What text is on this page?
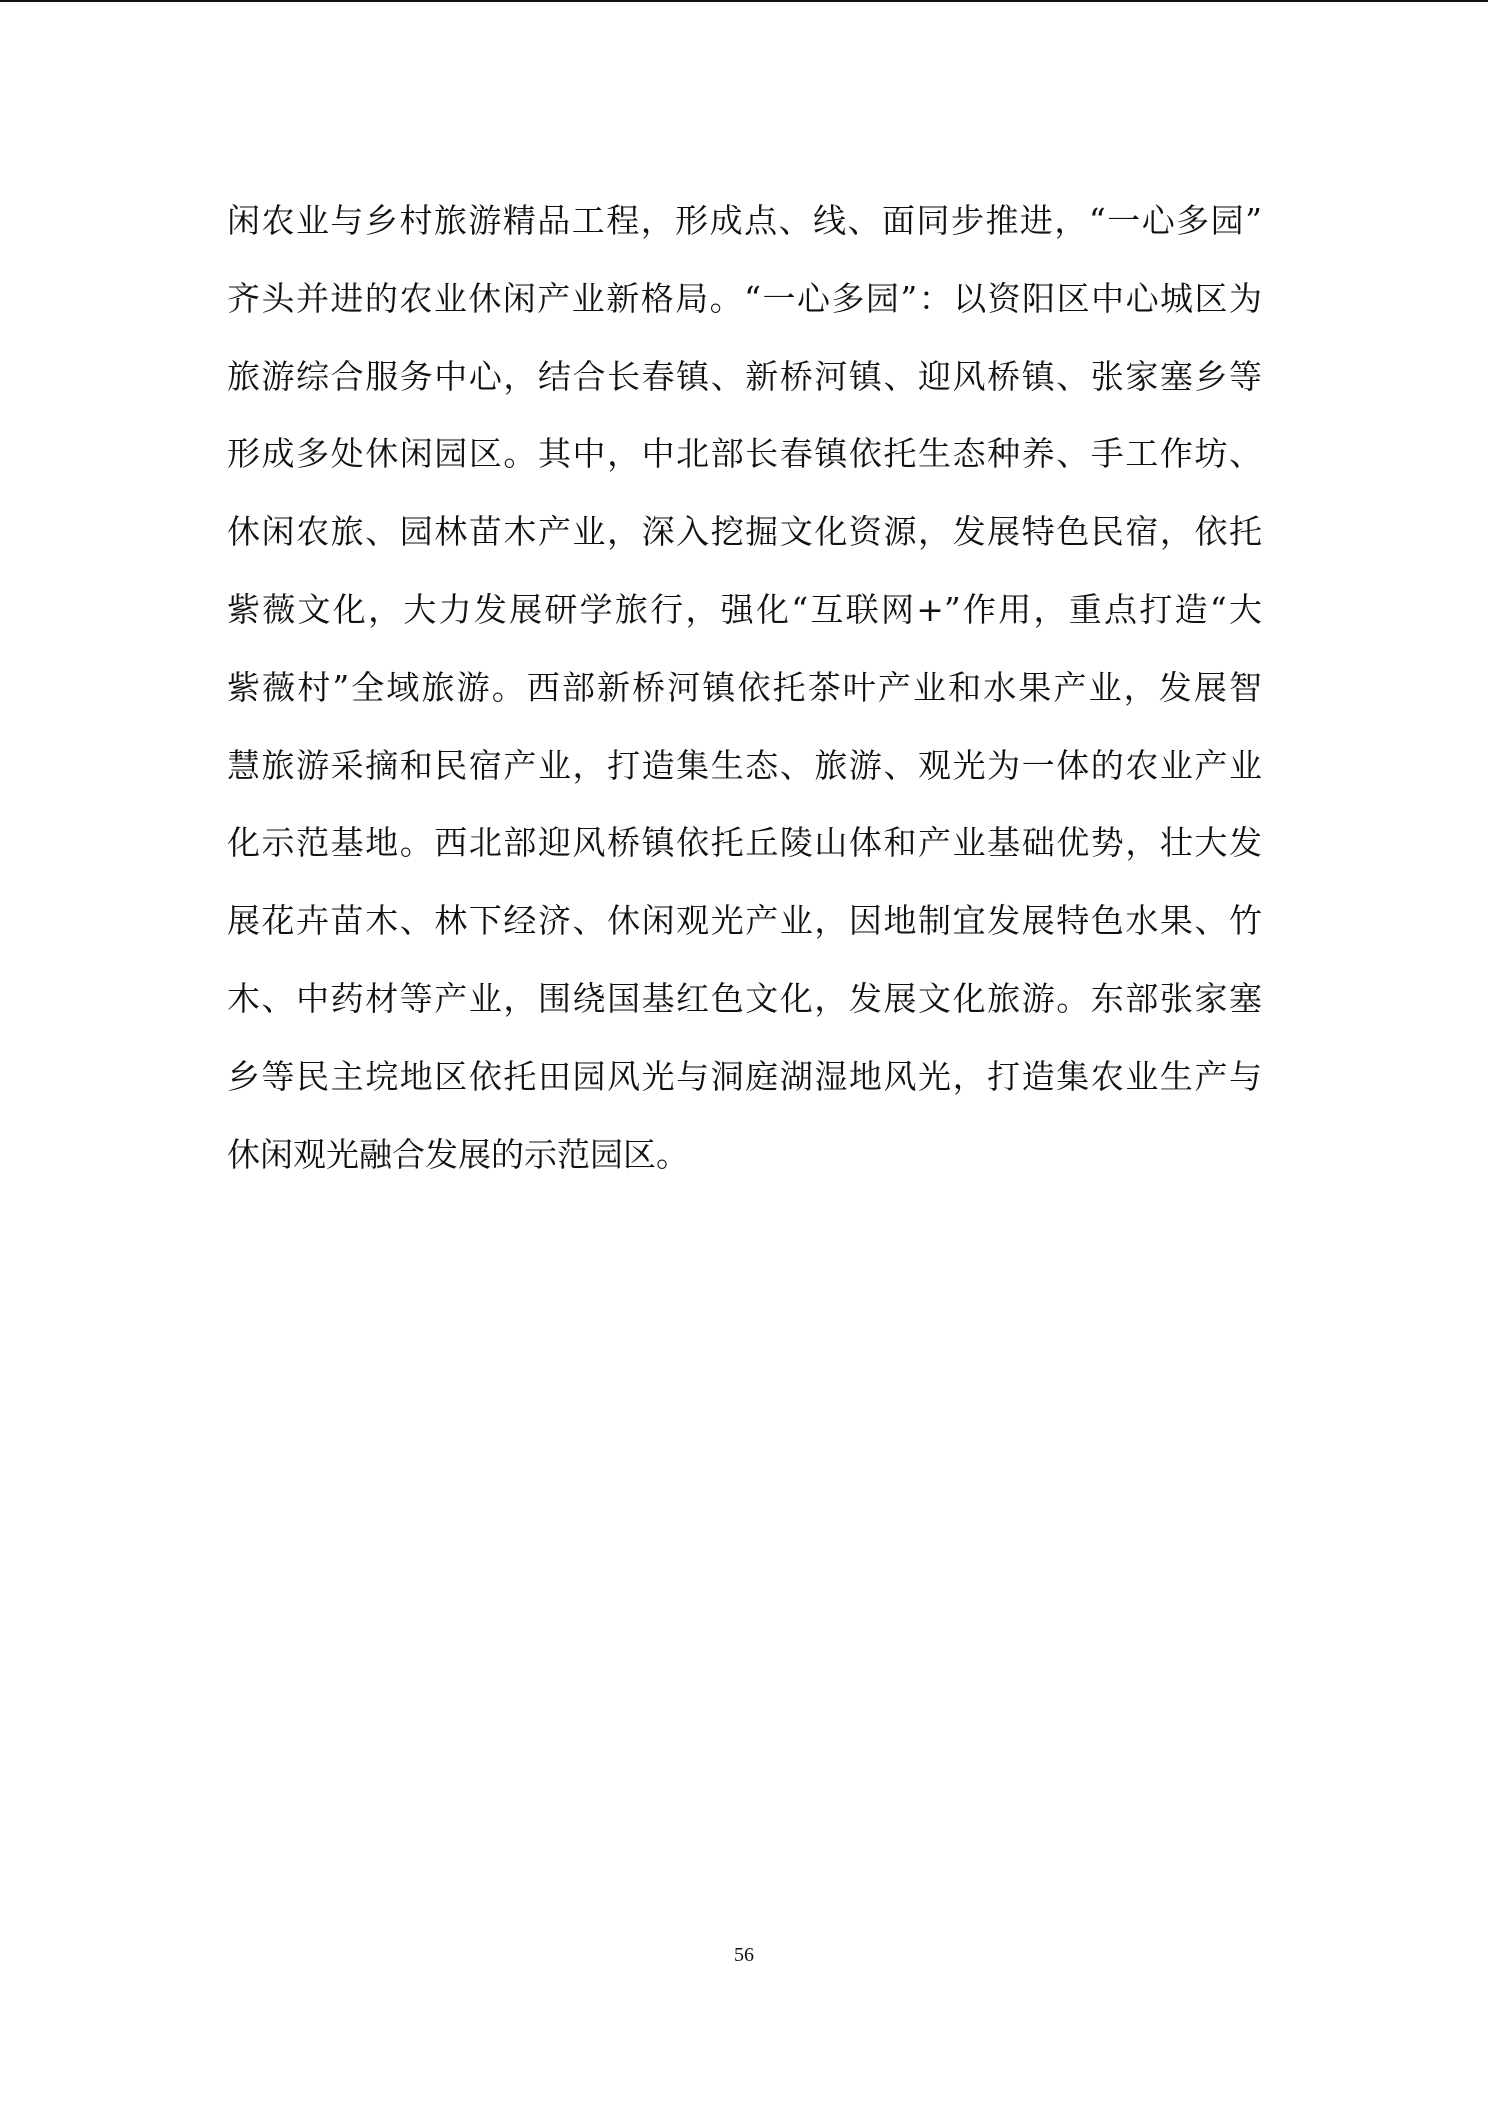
闲农业与乡村旅游精品工程，形成点、线、面同步推进，“一心多园”
齐头并进的农业休闲产业新格局。“一心多园”：以资阳区中心城区为
旅游综合服务中心，结合长春镇、新桥河镇、迎风桥镇、张家塞乡等
形成多处休闲园区。其中，中北部长春镇依托生态种养、手工作坊、
休闲农旅、园林苗木产业，深入挖掘文化资源，发展特色民宿，依托
紫薇文化，大力发展研学旅行，强化“互联网+”作用，重点打造“大
紫薇村”全域旅游。西部新桥河镇依托茶叶产业和水果产业，发展智
慧旅游采摘和民宿产业，打造集生态、旅游、观光为一体的农业产业
化示范基地。西北部迎风桥镇依托丘陵山体和产业基础优势，壮大发
展花卉苗木、林下经济、休闲观光产业，因地制宜发展特色水果、竹
木、中药材等产业，围绕国基红色文化，发展文化旅游。东部张家塞
乡等民主垸地区依托田园风光与洞庭湖湿地风光，打造集农业生产与
休闲观光融合发展的示范园区。
56
